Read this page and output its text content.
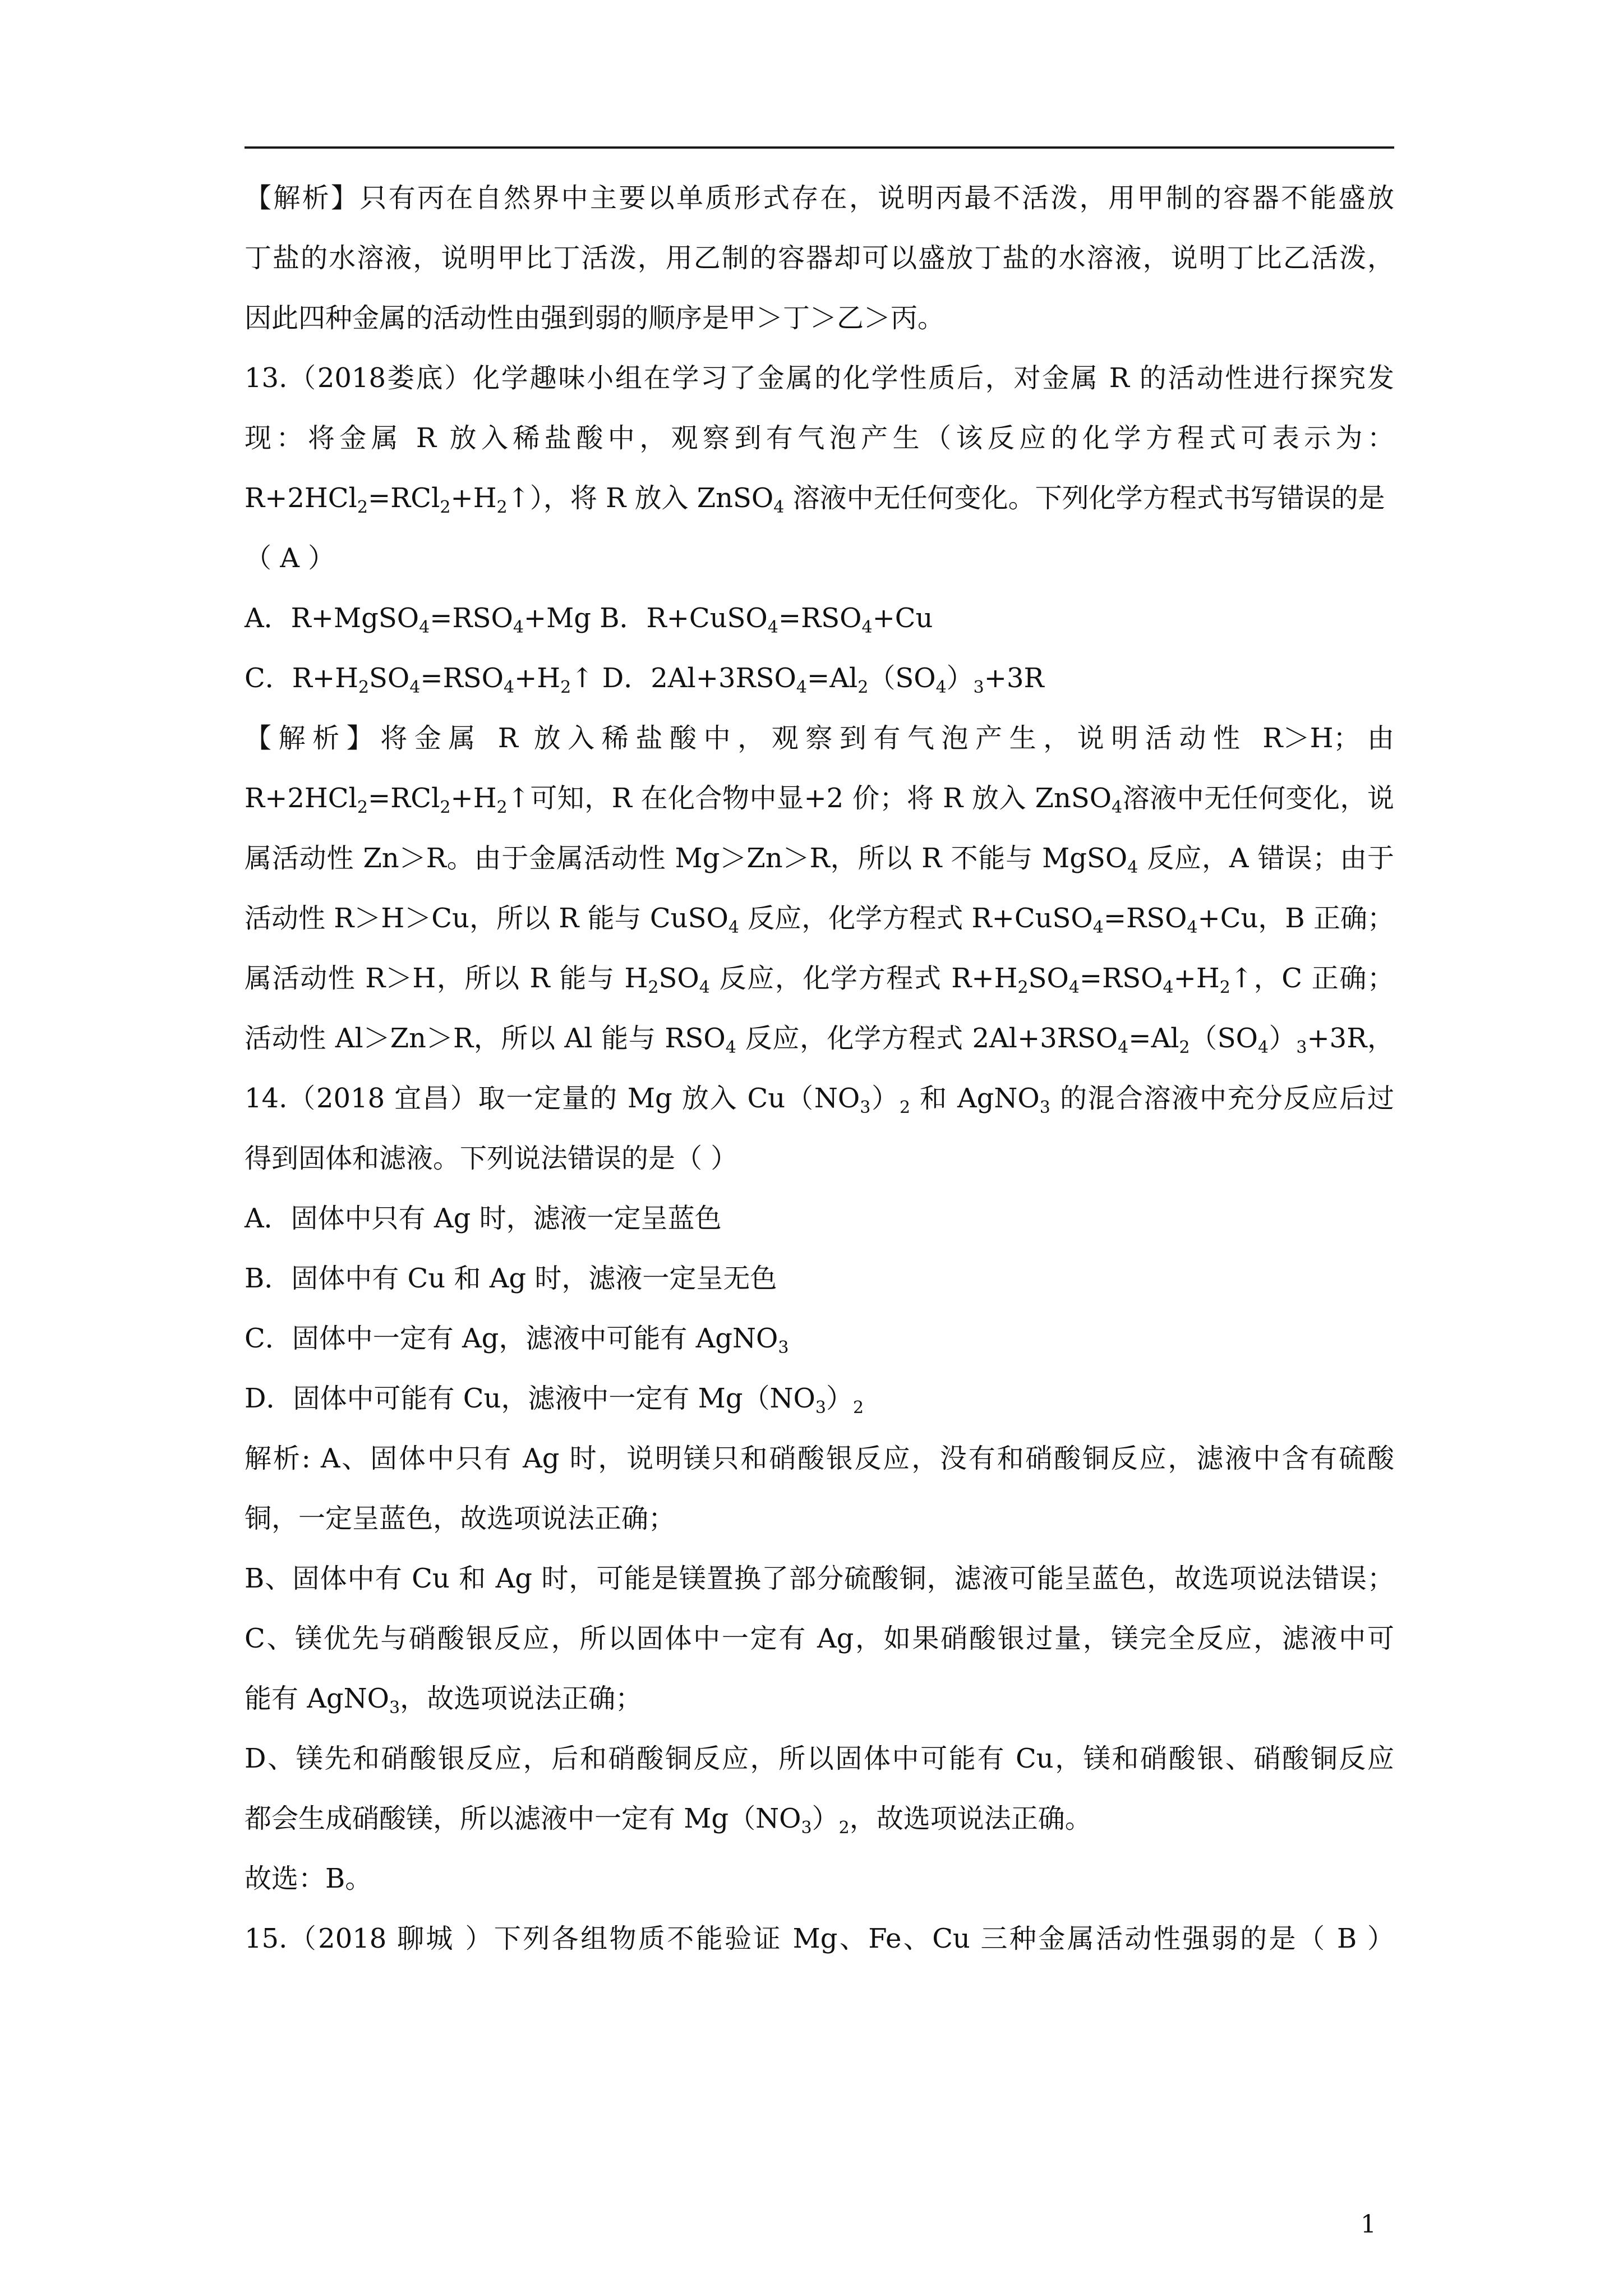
【解析】只有丙在自然界中主要以单质形式存在，说明丙最不活泼，用甲制的容器不能盛放
丁盐的水溶液，说明甲比丁活泼，用乙制的容器却可以盛放丁盐的水溶液，说明丁比乙活泼，
因此四种金属的活动性由强到弱的顺序是甲＞丁＞乙＞丙。
13.（2018娄底）化学趣味小组在学习了金属的化学性质后，对金属 R 的活动性进行探究发
现：将金属 R 放入稀盐酸中，观察到有气泡产生（该反应的化学方程式可表示为：
$R+2HCl_2=RCl_2+H_2↑$），将 R 放入 ZnSO$_4$ 溶液中无任何变化。下列化学方程式书写错误的是
（ A ）
A．$R+MgSO_4=RSO_4+Mg$ B．$R+CuSO_4=RSO_4+Cu$
C．$R+H_2SO_4=RSO_4+H_2↑$ D．$2Al+3RSO_4=Al_2(SO_4)_3+3R$
【解析】将金属 R 放入稀盐酸中，观察到有气泡产生，说明活动性 R＞H；由
$R+2HCl_2=RCl_2+H_2↑$可知，R 在化合物中显+2 价；将 R 放入 ZnSO$_4$溶液中无任何变化，说
属活动性 Zn＞R。由于金属活动性 Mg＞Zn＞R，所以 R 不能与 MgSO$_4$ 反应，A 错误；由于
活动性 R＞H＞Cu，所以 R 能与 CuSO$_4$ 反应，化学方程式 $R+CuSO_4=RSO_4+Cu$，B 正确；
属活动性 R＞H，所以 R 能与 $H_2SO_4$ 反应，化学方程式 $R+H_2SO_4=RSO_4+H_2↑$，C 正确；
活动性 Al＞Zn＞R，所以 Al 能与 $RSO_4$ 反应，化学方程式 $2Al+3RSO_4=Al_2(SO_4)_3+3R$，
14.（2018 宜昌）取一定量的 Mg 放入 $Cu(NO_3)_2$ 和 AgNO$_3$ 的混合溶液中充分反应后过
得到固体和滤液。下列说法错误的是（ ）
A．固体中只有 Ag 时，滤液一定呈蓝色
B．固体中有 Cu 和 Ag 时，滤液一定呈无色
C．固体中一定有 Ag，滤液中可能有 AgNO$_3$
D．固体中可能有 Cu，滤液中一定有 $Mg(NO_3)_2$
解析: A、固体中只有 Ag 时，说明镁只和硝酸银反应，没有和硝酸铜反应，滤液中含有硫酸
铜，一定呈蓝色，故选项说法正确；
B、固体中有 Cu 和 Ag 时，可能是镁置换了部分硫酸铜，滤液可能呈蓝色，故选项说法错误；
C、镁优先与硝酸银反应，所以固体中一定有 Ag，如果硝酸银过量，镁完全反应，滤液中可
能有 AgNO$_3$，故选项说法正确；
D、镁先和硝酸银反应，后和硝酸铜反应，所以固体中可能有 Cu，镁和硝酸银、硝酸铜反应
都会生成硝酸镁，所以滤液中一定有 $Mg(NO_3)_2$，故选项说法正确。
故选：B。
15.（2018 聊城 ）下列各组物质不能验证 Mg、Fe、Cu 三种金属活动性强弱的是（ B ）
1
